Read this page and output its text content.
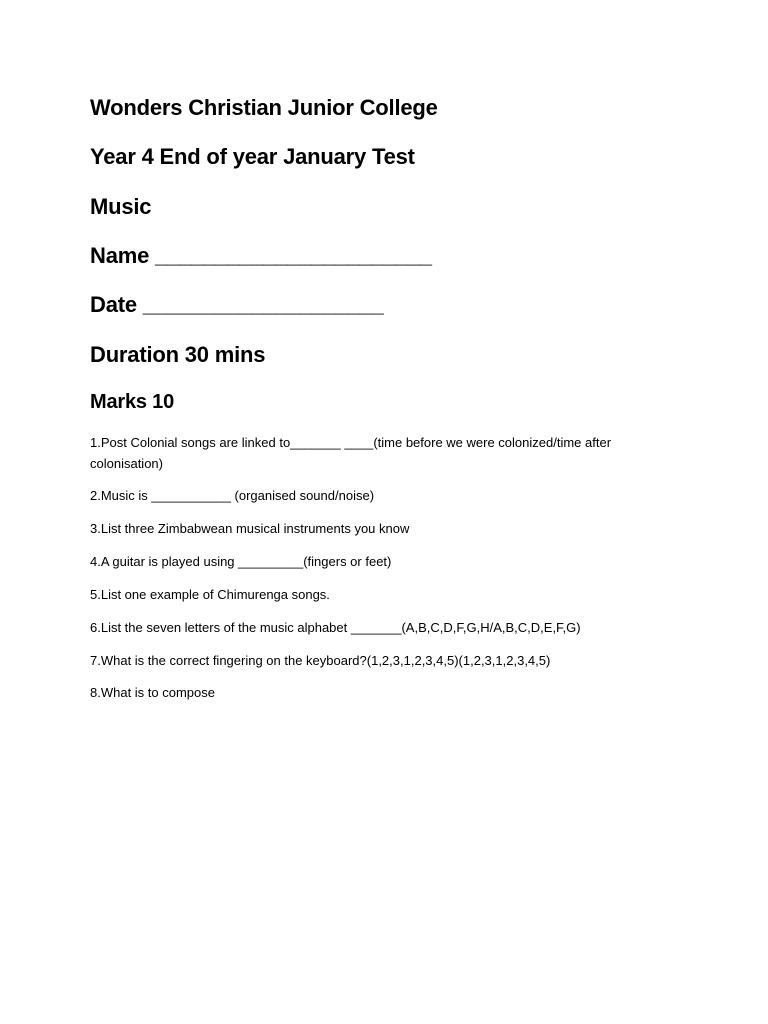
Wonders Christian Junior College
Year 4 End of year January Test
Music
Name _______________________
Date ____________________
Duration 30 mins
Marks 10
1.Post Colonial songs are linked to_______ ____(time before we were colonized/time after colonisation)
2.Music is ___________ (organised sound/noise)
3.List three Zimbabwean musical instruments you know
4.A guitar is played using _________(fingers or feet)
5.List one example of Chimurenga songs.
6.List the seven letters of the music alphabet _______(A,B,C,D,F,G,H/A,B,C,D,E,F,G)
7.What is the correct fingering on the keyboard?(1,2,3,1,2,3,4,5)(1,2,3,1,2,3,4,5)
8.What is to compose
